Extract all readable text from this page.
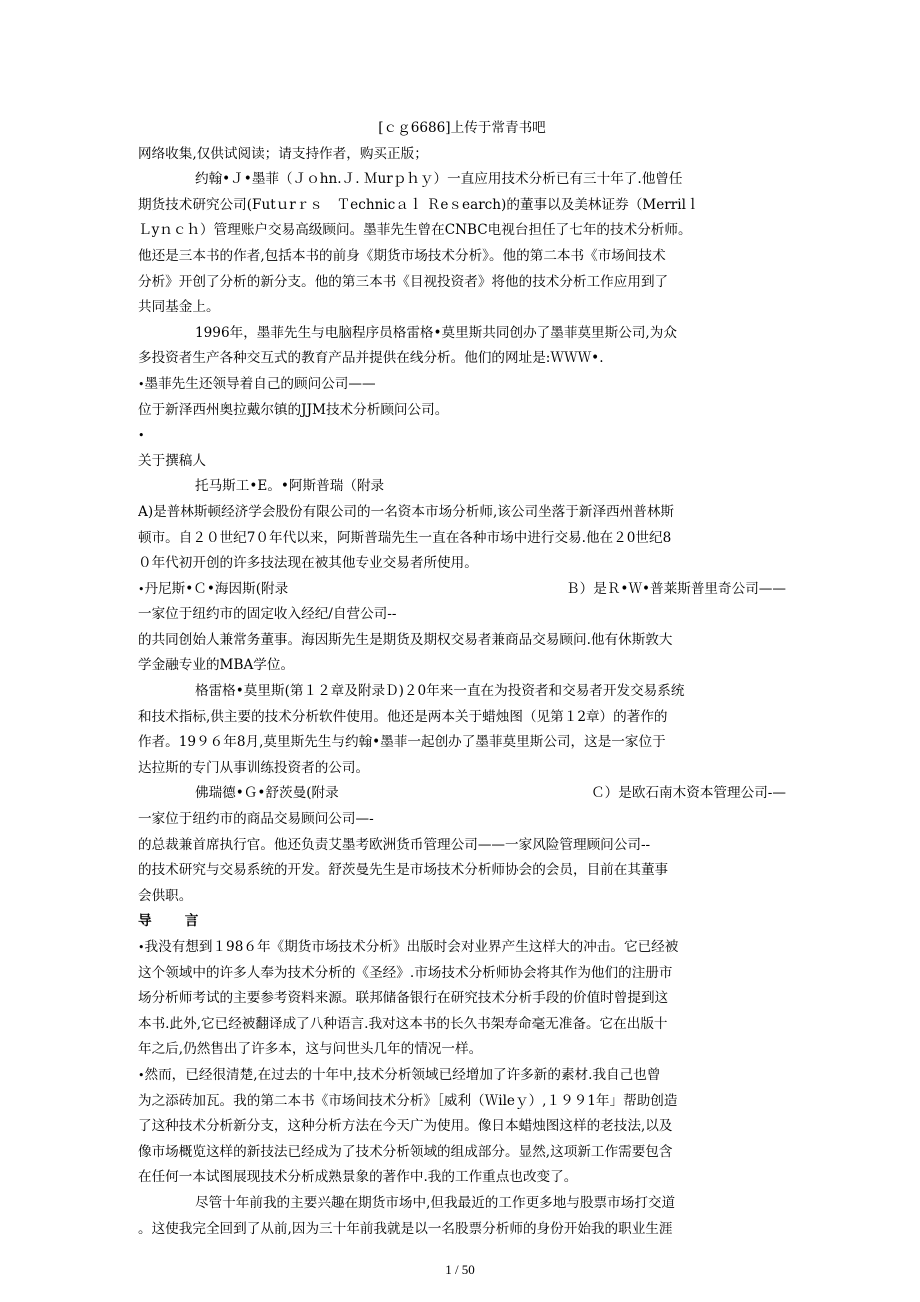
[ｃｇ6686]上传于常青书吧
网络收集,仅供试阅读；请支持作者，购买正版；
约翰•Ｊ•墨菲（Ｊｏhn.Ｊ. Ｍurｐｈｙ）一直应用技术分析已有三十年了.他曾任
期货技术研究公司(Futｕrｒｓ　Ｔechnicａｌ Ｒeｓearch)的董事以及美林证券（Merrilｌ
Ｌyｎｃｈ）管理账户交易高级顾问。墨菲先生曾在CNBC电视台担任了七年的技术分析师。
他还是三本书的作者,包括本书的前身《期货市场技术分析》。他的第二本书《市场间技术
分析》开创了分析的新分支。他的第三本书《目视投资者》将他的技术分析工作应用到了
共同基金上。
1996年，墨菲先生与电脑程序员格雷格•莫里斯共同创办了墨菲莫里斯公司,为众
多投资者生产各种交互式的教育产品并提供在线分析。他们的网址是:ＷＷＷ•.
•墨菲先生还领导着自己的顾问公司——
位于新泽西州奥拉戴尔镇的JJM技术分析顾问公司。
•
关于撰稿人
托马斯工•E。•阿斯普瑞（附录
A)是普林斯顿经济学会股份有限公司的一名资本市场分析师,该公司坐落于新泽西州普林斯
顿市。自２０世纪7０年代以来，阿斯普瑞先生一直在各种市场中进行交易.他在２0世纪8
０年代初开创的许多技法现在被其他专业交易者所使用。
•丹尼斯•Ｃ•海因斯(附录	Ｂ）是Ｒ•Ｗ•普莱斯普里奇公司——
一家位于纽约市的固定收入经纪/自营公司--
的共同创始人兼常务董事。海因斯先生是期货及期权交易者兼商品交易顾问.他有休斯敦大
学金融专业的MBA学位。
格雷格•莫里斯(第１２章及附录Ｄ)２0年来一直在为投资者和交易者开发交易系统
和技术指标,供主要的技术分析软件使用。他还是两本关于蜡烛图（见第１2章）的著作的
作者。19９６年8月,莫里斯先生与约翰•墨菲一起创办了墨菲莫里斯公司，这是一家位于
达拉斯的专门从事训练投资者的公司。
佛瑞德•Ｇ•舒茨曼(附录	Ｃ）是欧石南木资本管理公司-—
一家位于纽约市的商品交易顾问公司—-
的总裁兼首席执行官。他还负责艾墨考欧洲货币管理公司——一家风险管理顾问公司--
的技术研究与交易系统的开发。舒茨曼先生是市场技术分析师协会的会员，目前在其董事
会供职。
导　　言
•我没有想到１98６年《期货市场技术分析》出版时会对业界产生这样大的冲击。它已经被
这个领域中的许多人奉为技术分析的《圣经》.市场技术分析师协会将其作为他们的注册市
场分析师考试的主要参考资料来源。联邦储备银行在研究技术分析手段的价值时曾提到这
本书.此外,它已经被翻译成了八种语言.我对这本书的长久书架寿命毫无准备。它在出版十
年之后,仍然售出了许多本，这与问世头几年的情况一样。
•然而，已经很清楚,在过去的十年中,技术分析领域已经增加了许多新的素材.我自己也曾
为之添砖加瓦。我的第二本书《市场间技术分析》［威利（Ｗileｙ）,１９９1年」帮助创造
了这种技术分析新分支，这种分析方法在今天广为使用。像日本蜡烛图这样的老技法,以及
像市场概览这样的新技法已经成为了技术分析领域的组成部分。显然,这项新工作需要包含
在任何一本试图展现技术分析成熟景象的著作中.我的工作重点也改变了。
尽管十年前我的主要兴趣在期货市场中,但我最近的工作更多地与股票市场打交道
。这使我完全回到了从前,因为三十年前我就是以一名股票分析师的身份开始我的职业生涯
1 / 50
